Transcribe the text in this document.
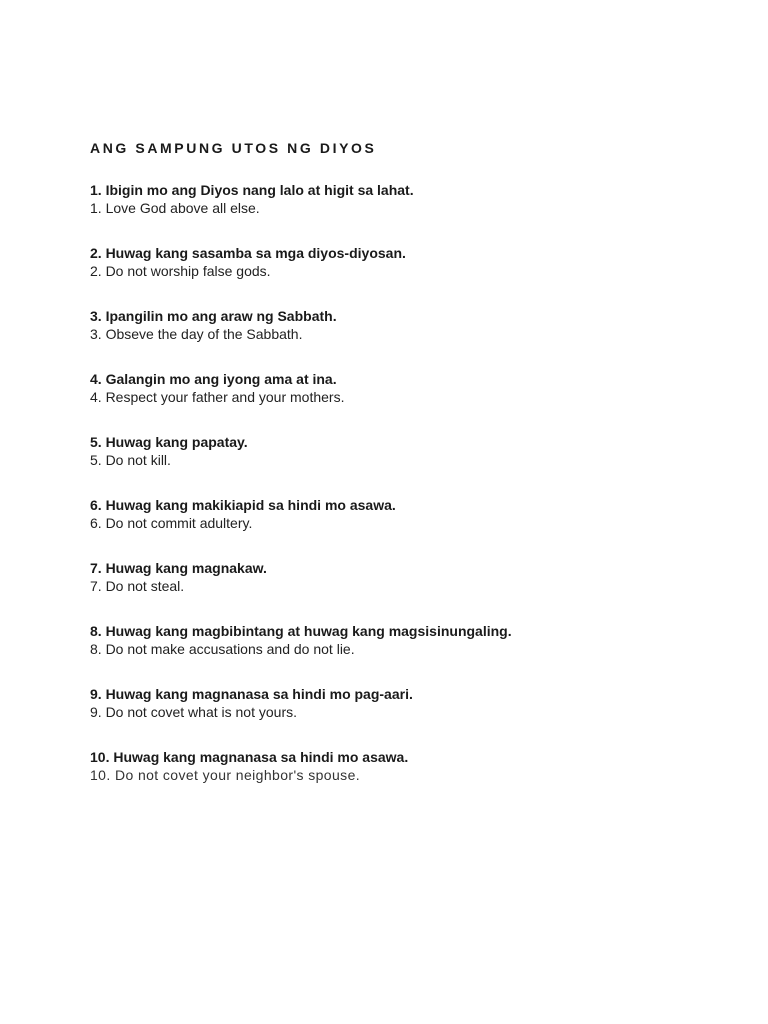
ANG SAMPUNG UTOS NG DIYOS
1. Ibigin mo ang Diyos nang lalo at higit sa lahat.
1. Love God above all else.
2. Huwag kang sasamba sa mga diyos-diyosan.
2. Do not worship false gods.
3. Ipangilin mo ang araw ng Sabbath.
3. Obseve the day of the Sabbath.
4. Galangin mo ang iyong ama at ina.
4. Respect your father and your mothers.
5. Huwag kang papatay.
5. Do not kill.
6. Huwag kang makikiapid sa hindi mo asawa.
6. Do not commit adultery.
7. Huwag kang magnakaw.
7. Do not steal.
8. Huwag kang magbibintang at huwag kang magsisinungaling.
8. Do not make accusations and do not lie.
9. Huwag kang magnanasa sa hindi mo pag-aari.
9. Do not covet what is not yours.
10. Huwag kang magnanasa sa hindi mo asawa.
10. Do not covet your neighbor's spouse.
